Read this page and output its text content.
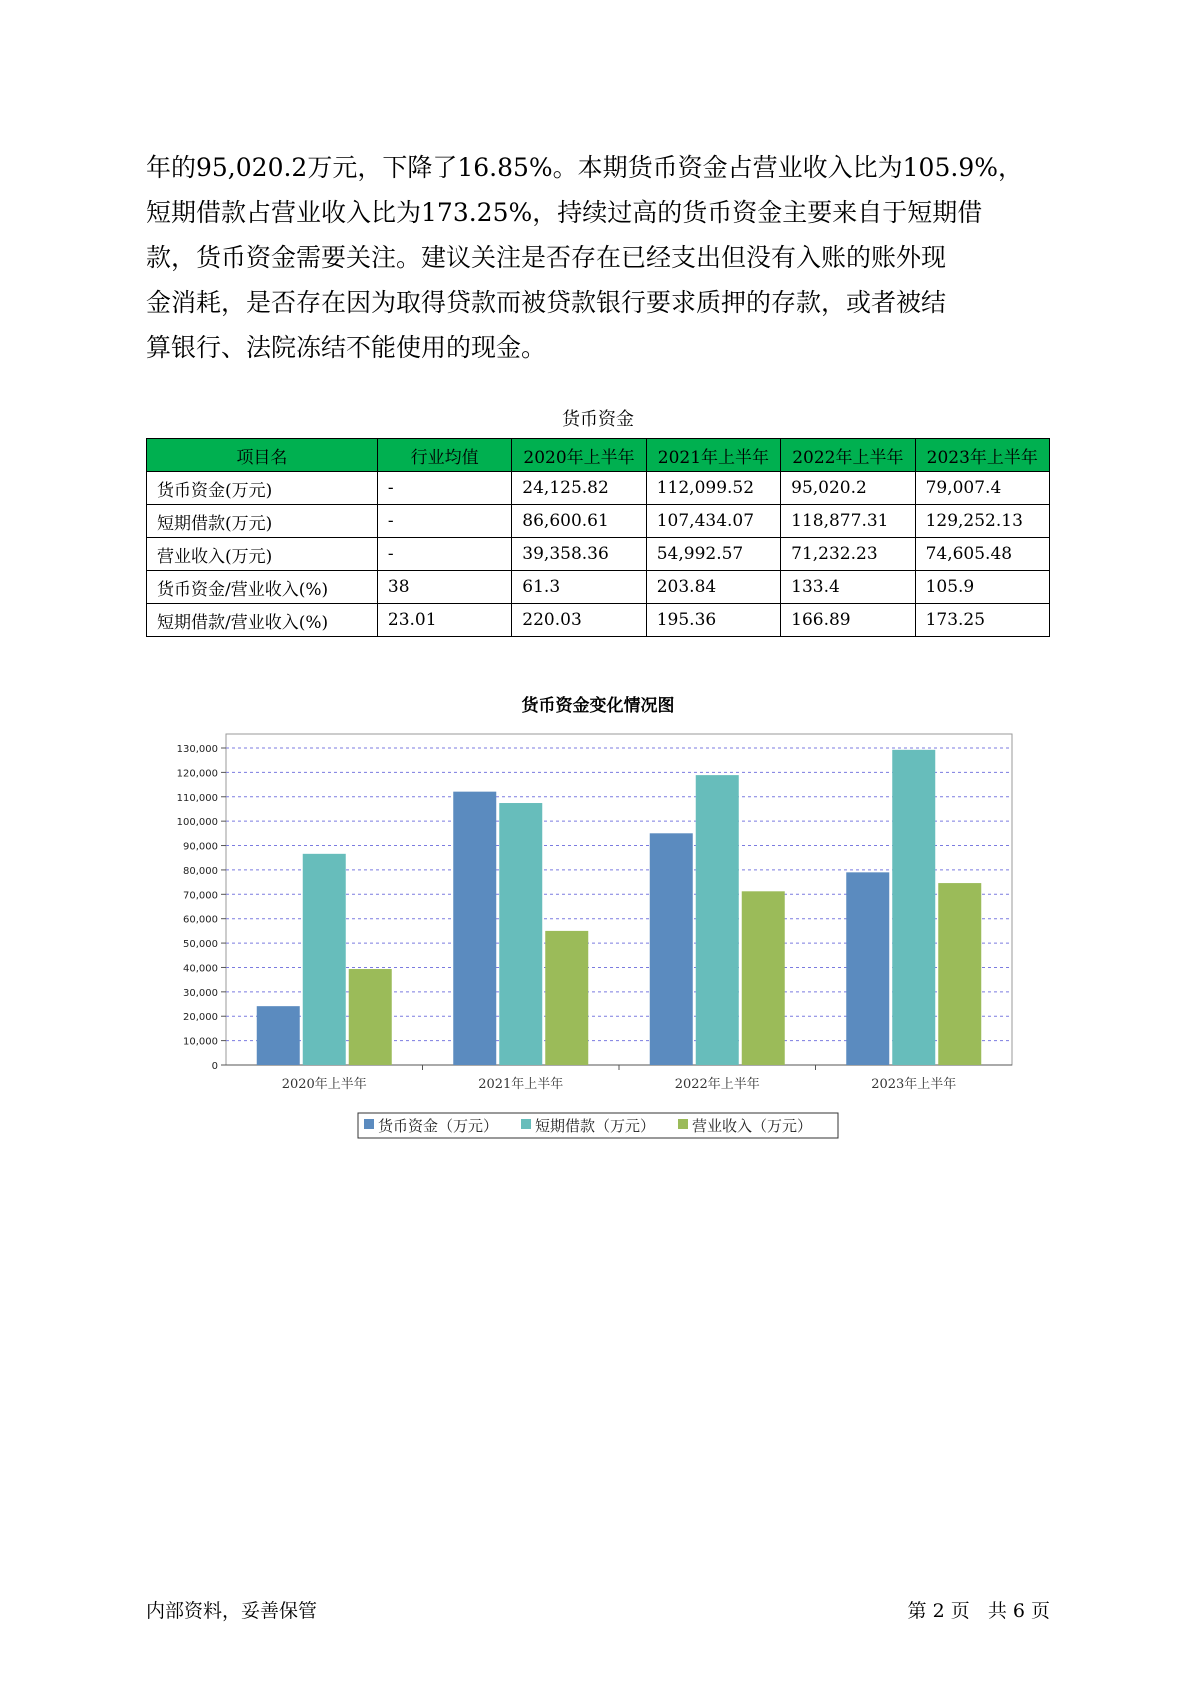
年的95,020.2万元，下降了16.85%。本期货币资金占营业收入比为105.9%，
短期借款占营业收入比为173.25%，持续过高的货币资金主要来自于短期借
款，货币资金需要关注。建议关注是否存在已经支出但没有入账的账外现
金消耗，是否存在因为取得贷款而被贷款银行要求质押的存款，或者被结
算银行、法院冻结不能使用的现金。
货币资金
项目名	行业均值	2020年上半年	2021年上半年	2022年上半年	2023年上半年
货币资金(万元)	-	24,125.82	112,099.52	95,020.2	79,007.4
短期借款(万元)	-	86,600.61	107,434.07	118,877.31	129,252.13
营业收入(万元)	-	39,358.36	54,992.57	71,232.23	74,605.48
货币资金/营业收入(%)	38	61.3	203.84	133.4	105.9
短期借款/营业收入(%)	23.01	220.03	195.36	166.89	173.25
货币资金变化情况图
0
10,000
20,000
30,000
40,000
50,000
60,000
70,000
80,000
90,000
100,000
110,000
120,000
130,000
2020年上半年	2021年上半年	2022年上半年	2023年上半年
货币资金（万元） 短期借款（万元） 营业收入（万元）
内部资料，妥善保管	第 2 页 共 6 页
